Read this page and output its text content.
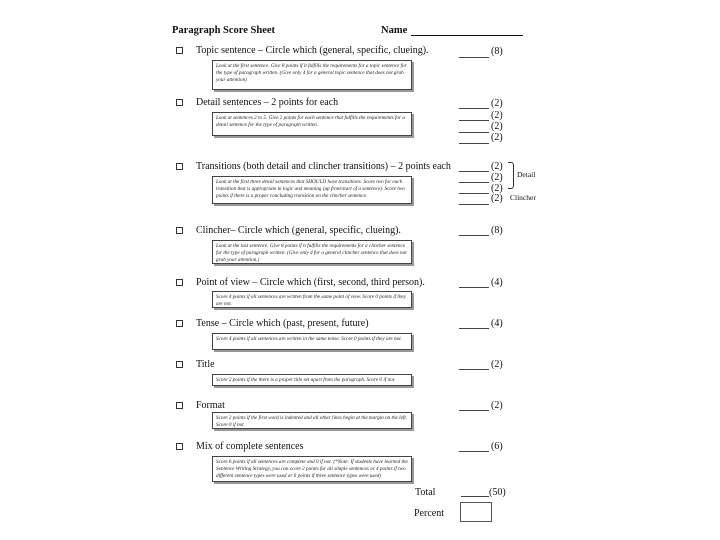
Paragraph Score Sheet	Name
Topic sentence – Circle which (general, specific, clueing).
Look at the first sentence. Give 8 points if it fulfills the requirements for a topic sentence for the type of paragraph written. (Give only 4 for a general topic sentence that does not grab your attention)
(8)
Detail sentences – 2 points for each
Look at sentences 2 to 5. Give 2 points for each sentence that fulfills the requirements for a detail sentence for the type of paragraph written.
(2)
(2)
(2)
(2)
Transitions (both detail and clincher transitions) – 2 points each
Look at the first three detail sentences that SHOULD have transitions. Score two for each transition that is appropriate in logic and meaning (up front/start of a sentence). Score two points if there is a proper concluding transition on the clincher sentence.
(2)
(2)
(2)
(2)
Detail
Clincher
Clincher– Circle which (general, specific, clueing).
Look at the last sentence. Give 8 points if it fulfills the requirements for a clincher sentence for the type of paragraph written. (Give only 4 for a general clincher sentence that does not grab your attention.)
(8)
Point of view – Circle which (first, second, third person).
Score 4 points if all sentences are written from the same point of view. Score 0 points if they are not.
(4)
Tense – Circle which (past, present, future)
Score 4 points if all sentences are written in the same tense. Score 0 points if they are not.
(4)
Title
Score 2 points if the there is a proper title set apart from the paragraph. Score 0 if not.
(2)
Format
Score 2 points if the first word is indented and all other lines begin at the margin on the left. Score 0 if not.
(2)
Mix of complete sentences
Score 6 points if all sentences are complete and 0 if not. (*Note: If students have learned the Sentence Writing Strategy, you can score 2 points for all simple sentences or 4 points if two different sentence types were used or 6 points if three sentence types were used)
(6)
Total	(50)
Percent
